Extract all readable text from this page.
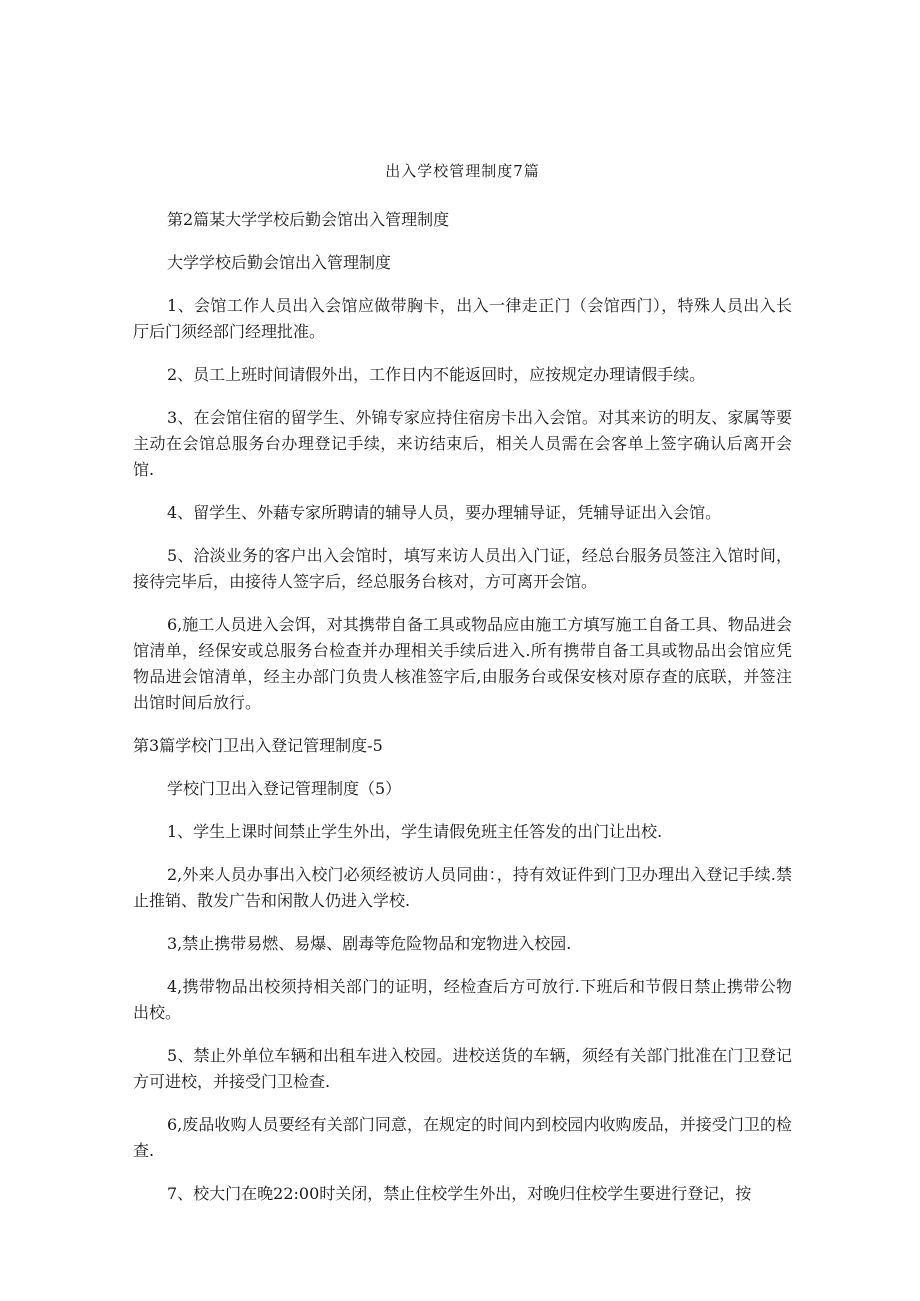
出入学校管理制度7篇

第2篇某大学学校后勤会馆出入管理制度

大学学校后勤会馆出入管理制度

1、会馆工作人员出入会馆应做带胸卡，出入一律走正门（会馆西门），特殊人员出入长厅后门须经部门经理批准。

2、员工上班时间请假外出，工作日内不能返回时，应按规定办理请假手续。

3、在会馆住宿的留学生、外锦专家应持住宿房卡出入会馆。对其来访的明友、家属等要主动在会馆总服务台办理登记手续，来访结束后，相关人员需在会客单上签字确认后离开会馆.

4、留学生、外藉专家所聘请的辅导人员，要办理辅导证，凭辅导证出入会馆。

5、洽淡业务的客户出入会馆时，填写来访人员出入门证，经总台服务员签注入馆时间，接待完毕后，由接待人签字后，经总服务台核对，方可离开会馆。

6,施工人员进入会饵，对其携带自备工具或物品应由施工方填写施工自备工具、物品进会馆清单，经保安或总服务台检查并办理相关手续后进入.所有携带自备工具或物品出会馆应凭物品进会馆清单，经主办部门负贵人核准签字后,由服务台或保安核对原存查的底联，并签注出馆时间后放行。

第3篇学校门卫出入登记管理制度-5

学校门卫出入登记管理制度（5）

1、学生上课时间禁止学生外出，学生请假免班主任答发的出门让出校.

2,外来人员办事出入校门必须经被访人员同曲：，持有效证件到门卫办理出入登记手续.禁止推销、散发广告和闲散人仍进入学校.

3,禁止携带易燃、易爆、剧毒等危险物品和宠物进入校园.

4,携带物品出校须持相关部门的证明，经检查后方可放行.下班后和节假日禁止携带公物出校。

5、禁止外单位车辆和出租车进入校园。进校送货的车辆，须经有关部门批准在门卫登记方可进校，并接受门卫检查.

6,废品收购人员要经有关部门同意，在规定的时间内到校园内收购废品，并接受门卫的检查.

7、校大门在晚22:00时关闭，禁止住校学生外出，对晚归住校学生要进行登记，按
